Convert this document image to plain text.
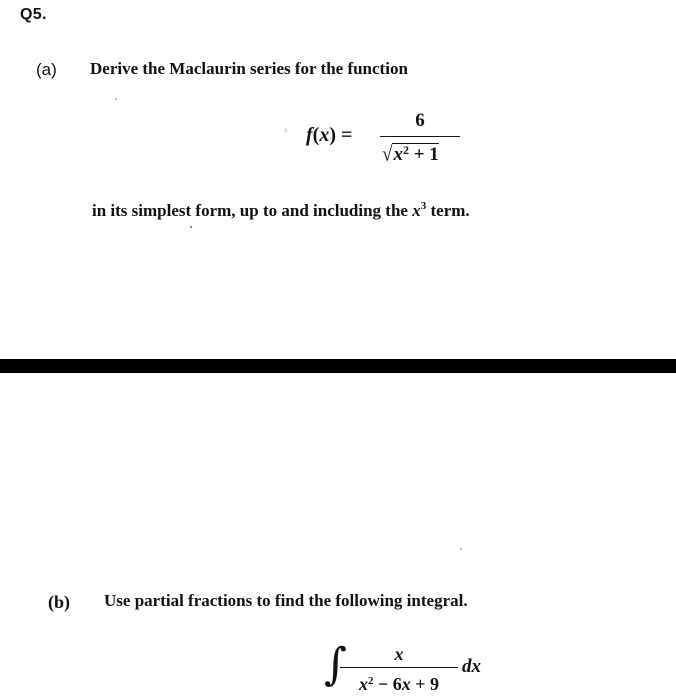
Q5.
(a) Derive the Maclaurin series for the function
› f(x) =
6
$√x^2 + 1$
in its simplest form, up to and including the $x^3$ term.
(b) Use partial fractions to find the following integral.
∫	x
$x^2 - 6x + 9$
dx
